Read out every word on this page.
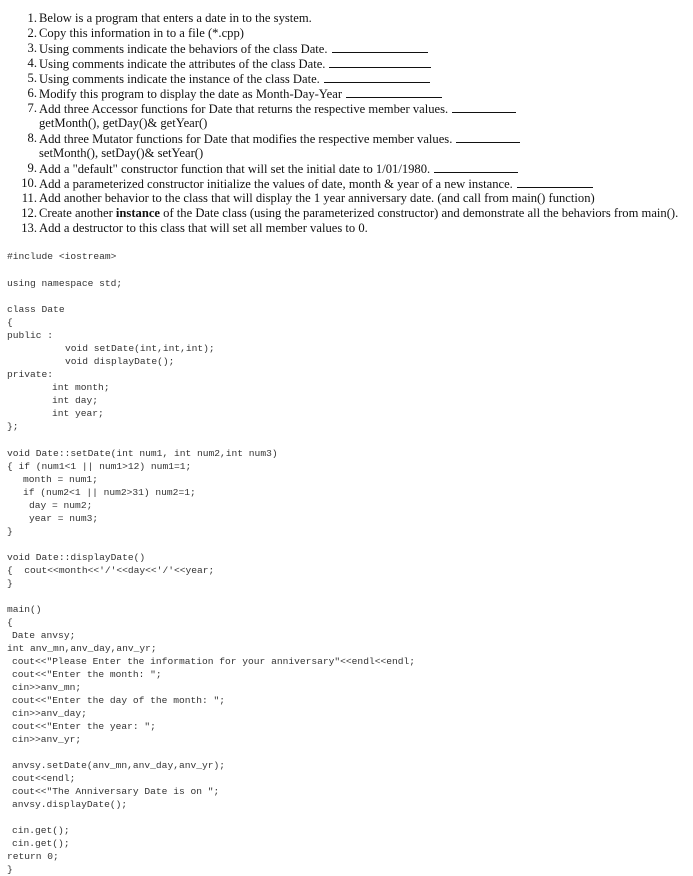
1. Below is a program that enters a date in to the system.
2. Copy this information in to a file (*.cpp)
3. Using comments indicate the behaviors of the class Date.
4. Using comments indicate the attributes of the class Date.
5. Using comments indicate the instance of the class Date.
6. Modify this program to display the date as Month-Day-Year
7. Add three Accessor functions for Date that returns the respective member values.
getMonth(), getDay()& getYear()
8. Add three Mutator functions for Date that modifies the respective member values.
setMonth(), setDay()& setYear()
9. Add a "default" constructor function that will set the initial date to 1/01/1980.
10. Add a parameterized constructor initialize the values of date, month & year of a new instance.
11. Add another behavior to the class that will display the 1 year anniversary date. (and call from main() function)
12. Create another instance of the Date class (using the parameterized constructor) and demonstrate all the behaviors from main().
13. Add a destructor to this class that will set all member values to 0.
#include <iostream>
using namespace std;
class Date
{
public :
void setDate(int,int,int);
void displayDate();
private:
int month;
int day;
int year;
};
void Date::setDate(int num1, int num2,int num3)
{ if (num1<1 || num1>12) num1=1;
month = num1;
if (num2<1 || num2>31) num2=1;
day = num2;
year = num3;
}
void Date::displayDate()
{  cout<<month<<'/'<<day<<'/'<<year;
}
main()
{
Date anvsy;
int anv_mn,anv_day,anv_yr;
cout<<"Please Enter the information for your anniversary"<<endl<<endl;
cout<<"Enter the month: ";
cin>>anv_mn;
cout<<"Enter the day of the month: ";
cin>>anv_day;
cout<<"Enter the year: ";
cin>>anv_yr;
anvsy.setDate(anv_mn,anv_day,anv_yr);
cout<<endl;
cout<<"The Anniversary Date is on ";
anvsy.displayDate();
cin.get();
cin.get();
return 0;
}
